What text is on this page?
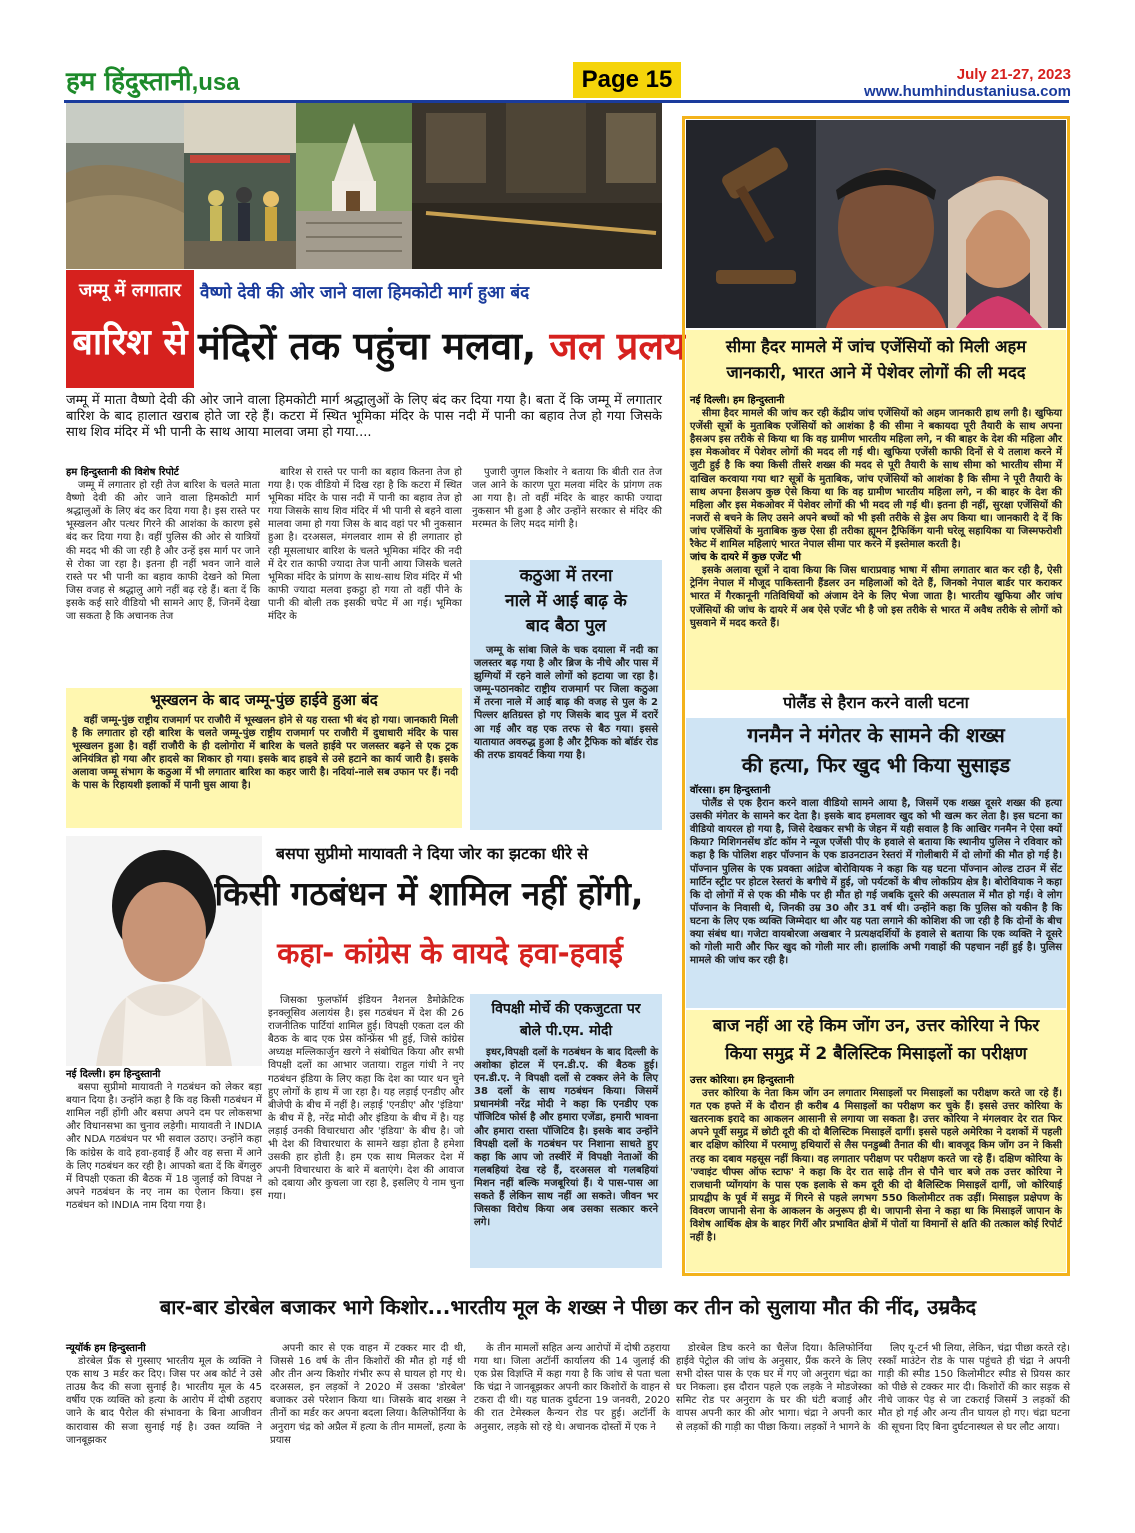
हम हिंदुस्तानी,usa	Page 15	July 21-27, 2023
www.humhindustaniusa.com
जम्मू में लगातार
बारिश से
वैष्णो देवी की ओर जाने वाला हिमकोटी मार्ग हुआ बंद
मंदिरों तक पहुंचा मलवा, जल प्रलय
जम्मू में माता वैष्णो देवी की ओर जाने वाला हिमकोटी मार्ग श्रद्धालुओं के लिए बंद कर दिया गया है। बता दें कि जम्मू में लगातार बारिश के बाद हालात खराब होते जा रहे हैं। कटरा में स्थित भूमिका मंदिर के पास नदी में पानी का बहाव तेज हो गया जिसके साथ शिव मंदिर में भी पानी के साथ आया मालवा जमा हो गया....

हम हिन्दुस्तानी की विशेष रिपोर्ट

जम्मू में लगातार हो रही तेज बारिश के चलते माता वैष्णो देवी की ओर जाने वाला हिमकोटी मार्ग श्रद्धालुओं के लिए बंद कर दिया गया है। इस रास्ते पर भूस्खलन और पत्थर गिरने की आशंका के कारण इसे बंद कर दिया गया है। वहीं पुलिस की ओर से यात्रियों की मदद भी की जा रही है और उन्हें इस मार्ग पर जाने से रोका जा रहा है। इतना ही नहीं भवन जाने वाले रास्ते पर भी पानी का बहाव काफी देखने को मिला जिस वजह से श्रद्धालु आगे नहीं बढ़ रहे हैं। बता दें कि इसके कई सारे वीडियो भी सामने आए हैं, जिनमें देखा जा सकता है कि अचानक तेज

बारिश से रास्ते पर पानी का बहाव कितना तेज हो गया है। एक वीडियो में दिख रहा है कि कटरा में स्थित भूमिका मंदिर के पास नदी में पानी का बहाव तेज हो गया जिसके साथ शिव मंदिर में भी पानी से बहने वाला मालवा जमा हो गया जिस के बाद वहां पर भी नुकसान हुआ है। दरअसल, मंगलवार शाम से ही लगातार हो रही मूसलाधार बारिश के चलते भूमिका मंदिर की नदी में देर रात काफी ज्यादा तेज पानी आया जिसके चलते भूमिका मंदिर के प्रांगण के साथ-साथ शिव मंदिर में भी काफी ज्यादा मलवा इकट्ठा हो गया तो वहीं पीने के पानी की बोली तक इसकी चपेट में आ गई। भूमिका मंदिर के

पुजारी जुगल किशोर ने बताया कि बीती रात तेज जल आने के कारण पूरा मलवा मंदिर के प्रांगण तक आ गया है। तो वहीं मंदिर के बाहर काफी ज्यादा नुकसान भी हुआ है और उन्होंने सरकार से मंदिर की मरम्मत के लिए मदद मांगी है।

भूस्खलन के बाद जम्मू-पुंछ हाईवे हुआ बंद

वहीं जम्मू-पुंछ राष्ट्रीय राजमार्ग पर राजौरी में भूस्खलन होने से यह रास्ता भी बंद हो गया। जानकारी मिली है कि लगातार हो रही बारिश के चलते जम्मू-पुंछ राष्ट्रीय राजमार्ग पर राजौरी में दुधाधारी मंदिर के पास भूस्खलन हुआ है। वहीं राजौरी के ही दलोगोरा में बारिश के चलते हाईवे पर जलस्तर बढ़ने से एक ट्रक अनियंत्रित हो गया और हादसे का शिकार हो गया। इसके बाद हाइवे से उसे हटाने का कार्य जारी है। इसके अलावा जम्मू संभाग के कठुआ में भी लगातार बारिश का कहर जारी है। नदियां-नाले सब उफान पर हैं। नदी के पास के रिहायशी इलाकों में पानी घुस आया है।

कठुआ में तरना
नाले में आई बाढ़ के
बाद बैठा पुल

जम्मू के सांबा जिले के चक दयाला में नदी का जलस्तर बढ़ गया है और ब्रिज के नीचे और पास में झुग्गियों में रहने वाले लोगों को हटाया जा रहा है। जम्मू-पठानकोट राष्ट्रीय राजमार्ग पर जिला कठुआ में तरना नाले में आई बाढ़ की वजह से पुल के 2 पिल्लर क्षतिग्रस्त हो गए जिसके बाद पुल में दरारें आ गई और वह एक तरफ से बैठ गया। इससे यातायात अवरुद्ध हुआ है और ट्रैफिक को बॉर्डर रोड की तरफ डायवर्ट किया गया है।

बसपा सुप्रीमो मायावती ने दिया जोर का झटका धीरे से
किसी गठबंधन में शामिल नहीं होंगी,
कहा- कांग्रेस के वायदे हवा-हवाई

नई दिल्ली। हम हिन्दुस्तानी

बसपा सुप्रीमो मायावती ने गठबंधन को लेकर बड़ा बयान दिया है। उन्होंने कहा है कि वह किसी गठबंधन में शामिल नहीं होंगी और बसपा अपने दम पर लोकसभा और विधानसभा का चुनाव लड़ेगी। मायावती ने INDIA और NDA गठबंधन पर भी सवाल उठाए। उन्होंने कहा कि कांग्रेस के वादे हवा-हवाई हैं और वह सत्ता में आने के लिए गठबंधन कर रही है। आपको बता दें कि बेंगलुरु में विपक्षी एकता की बैठक में 18 जुलाई को विपक्ष ने अपने गठबंधन के नए नाम का ऐलान किया। इस गठबंधन को INDIA नाम दिया गया है।

जिसका फुलफॉर्म इंडियन नैशनल डैमोक्रेटिक इनक्लूसिव अलायंस है। इस गठबंधन में देश की 26 राजनीतिक पार्टियां शामिल हुई। विपक्षी एकता दल की बैठक के बाद एक प्रेस कॉन्फ्रेंस भी हुई, जिसे कांग्रेस अध्यक्ष मल्लिकार्जुन खरगे ने संबोधित किया और सभी विपक्षी दलों का आभार जताया। राहुल गांधी ने नए गठबंधन इंडिया के लिए कहा कि देश का प्यार धन चुने हुए लोगों के हाथ में जा रहा है। यह लड़ाई एनडीए और बीजेपी के बीच में नहीं है। लड़ाई 'एनडीए' और 'इंडिया' के बीच में है, नरेंद्र मोदी और इंडिया के बीच में है। यह लड़ाई उनकी विचारधारा और 'इंडिया' के बीच है। जो भी देश की विचारधारा के सामने खड़ा होता है हमेशा उसकी हार होती है। हम एक साथ मिलकर देश में अपनी विचारधारा के बारे में बताएंगे। देश की आवाज को दबाया और कुचला जा रहा है, इसलिए ये नाम चुना गया।

विपक्षी मोर्चे की एकजुटता पर
बोले पी.एम. मोदी

इधर,विपक्षी दलों के गठबंधन के बाद दिल्ली के अशोका होटल में एन.डी.ए. की बैठक हुई। एन.डी.ए. ने विपक्षी दलों से टक्कर लेने के लिए 38 दलों के साथ गठबंधन किया। जिसमें प्रधानमंत्री नरेंद्र मोदी ने कहा कि एनडीए एक पॉजिटिव फोर्स है और हमारा एजेंडा, हमारी भावना और हमारा रास्ता पॉजिटिव है। इसके बाद उन्होंने विपक्षी दलों के गठबंधन पर निशाना साधते हुए कहा कि आप जो तस्वीरें में विपक्षी नेताओं की गलबहियां देख रहे हैं, दरअसल वो गलबहियां मिशन नहीं बल्कि मजबूरियां हैं। ये पास-पास आ सकते हैं लेकिन साथ नहीं आ सकते। जीवन भर जिसका विरोध किया अब उसका सत्कार करने लगे।

सीमा हैदर मामले में जांच एजेंसियों को मिली अहम
जानकारी, भारत आने में पेशेवर लोगों की ली मदद

नई दिल्ली। हम हिन्दुस्तानी

सीमा हैदर मामले की जांच कर रही केंद्रीय जांच एजेंसियों को अहम जानकारी हाथ लगी है। खुफिया एजेंसी सूत्रों के मुताबिक एजेंसियों को आशंका है की सीमा ने बकायदा पूरी तैयारी के साथ अपना हैसअप इस तरीके से किया था कि वह ग्रामीण भारतीय महिला लगे, न की बाहर के देश की महिला और इस मेकओवर में पेशेवर लोगों की मदद ली गई थी। खुफिया एजेंसी काफी दिनों से ये तलाश करने में जुटी हुई है कि क्या किसी तीसरे शख्स की मदद से पूरी तैयारी के साथ सीमा को भारतीय सीमा में दाखिल करवाया गया था? सूत्रों के मुताबिक, जांच एजेंसियों को आशंका है कि सीमा ने पूरी तैयारी के साथ अपना हैसअप कुछ ऐसे किया था कि वह ग्रामीण भारतीय महिला लगे, न की बाहर के देश की महिला और इस मेकओवर में पेशेवर लोगों की भी मदद ली गई थी। इतना ही नहीं, सुरक्षा एजेंसियों की नजरों से बचने के लिए उसने अपने बच्चों को भी इसी तरीके से ड्रेस अप किया था। जानकारी दे दें कि जांच एजेंसियों के मुताबिक कुछ ऐसा ही तरीका ह्यूमन ट्रैफिकिंग यानी घरेलू सहायिका या जिस्मफरोशी रैकेट में शामिल महिलाएं भारत नेपाल सीमा पार करने में इस्तेमाल करती है।

जांच के दायरे में कुछ एजेंट भी

इसके अलावा सूत्रों ने दावा किया कि जिस धाराप्रवाह भाषा में सीमा लगातार बात कर रही है, ऐसी ट्रेनिंग नेपाल में मौजूद पाकिस्तानी हैंडलर उन महिलाओं को देते हैं, जिनको नेपाल बार्डर पार कराकर भारत में गैरकानूनी गतिविधियों को अंजाम देने के लिए भेजा जाता है। भारतीय खुफिया और जांच एजेंसियों की जांच के दायरे में अब ऐसे एजेंट भी है जो इस तरीके से भारत में अवैध तरीके से लोगों को घुसवाने में मदद करते हैं।

पोलैंड से हैरान करने वाली घटना
गनमैन ने मंगेतर के सामने की शख्स
की हत्या, फिर खुद भी किया सुसाइड

वॉरसा। हम हिन्दुस्तानी

पोलैंड से एक हैरान करने वाला वीडियो सामने आया है, जिसमें एक शख्स दूसरे शख्स की हत्या उसकी मंगेतर के सामने कर देता है। इसके बाद हमलावर खुद को भी खत्म कर लेता है। इस घटना का वीडियो वायरल हो गया है, जिसे देखकर सभी के जेहन में यही सवाल है कि आखिर गनमैन ने ऐसा क्यों किया? मिशिगनसेंथ डॉट कॉम ने न्यूज एजेंसी पीए के हवाले से बताया कि स्थानीय पुलिस ने रविवार को कहा है कि पोलिश शहर पॉज्नान के एक डाउनटाउन रेस्तरां में गोलीबारी में दो लोगों की मौत हो गई है। पॉज्नान पुलिस के एक प्रवक्ता आंद्रेज बोरोविायक ने कहा कि यह घटना पॉज्नान ओल्ड टाउन में सेंट मार्टिन स्ट्रीट पर होटल रेस्तरां के बगीचे में हुई, जो पर्यटकों के बीच लोकप्रिय क्षेत्र है। बोरोवियाक ने कहा कि दो लोगों में से एक की मौके पर ही मौत हो गई जबकि दूसरे की अस्पताल में मौत हो गई। वे लोग पॉज्नान के निवासी थे, जिनकी उम्र 30 और 31 वर्ष थी। उन्होंने कहा कि पुलिस को यकीन है कि घटना के लिए एक व्यक्ति जिम्मेदार था और यह पता लगाने की कोशिश की जा रही है कि दोनों के बीच क्या संबंध था। गजेटा वायबोरजा अखबार ने प्रत्यक्षदर्शियों के हवाले से बताया कि एक व्यक्ति ने दूसरे को गोली मारी और फिर खुद को गोली मार ली। हालांकि अभी गवाहों की पहचान नहीं हुई है। पुलिस मामले की जांच कर रही है।

बाज नहीं आ रहे किम जोंग उन, उत्तर कोरिया ने फिर
किया समुद्र में 2 बैलिस्टिक मिसाइलों का परीक्षण

उत्तर कोरिया। हम हिन्दुस्तानी

उत्तर कोरिया के नेता किम जोंग उन लगातार मिसाइलों पर मिसाइलों का परीक्षण करते जा रहे हैं। गत एक हफ्ते में के दौरान ही करीब 4 मिसाइलों का परीक्षण कर चुके हैं। इससे उत्तर कोरिया के खतरनाक इरादे का आकलन आसानी से लगाया जा सकता है। उत्तर कोरिया ने मंगलवार देर रात फिर अपने पूर्वी समुद्र में छोटी दूरी की दो बैलिस्टिक मिसाइलें दागीं। इससे पहले अमेरिका ने दशकों में पहली बार दक्षिण कोरिया में परमाणु हथियारों से लैस पनडुब्बी तैनात की थी। बावजूद किम जोंग उन ने किसी तरह का दबाव महसूस नहीं किया। वह लगातार परीक्षण पर परीक्षण करते जा रहे हैं। दक्षिण कोरिया के 'ज्वाइंट चीफ्स ऑफ स्टाफ' ने कहा कि देर रात साढ़े तीन से पौने चार बजे तक उत्तर कोरिया ने राजधानी प्योंगयांग के पास एक इलाके से कम दूरी की दो बैलिस्टिक मिसाइलें दागीं, जो कोरियाई प्रायद्वीप के पूर्व में समुद्र में गिरने से पहले लगभग 550 किलोमीटर तक उड़ीं। मिसाइल प्रक्षेपण के विवरण जापानी सेना के आकलन के अनुरूप ही थे। जापानी सेना ने कहा था कि मिसाइलें जापान के विशेष आर्थिक क्षेत्र के बाहर गिरीं और प्रभावित क्षेत्रों में पोतों या विमानों से क्षति की तत्काल कोई रिपोर्ट नहीं है।

बार-बार डोरबेल बजाकर भागे किशोर...भारतीय मूल के शख्स ने पीछा कर तीन को सुलाया मौत की नींद, उम्रकैद

न्यूयॉर्क हम हिन्दुस्तानी

डोरबेल प्रैंक से गुस्साए भारतीय मूल के व्यक्ति ने एक साथ 3 मर्डर कर दिए। जिस पर अब कोर्ट ने उसे ताउम्र कैद की सजा सुनाई है। भारतीय मूल के 45 वर्षीय एक व्यक्ति को हत्या के आरोप में दोषी ठहराए जाने के बाद पैरोल की संभावना के बिना आजीवन कारावास की सजा सुनाई गई है। उक्त व्यक्ति ने जानबूझकर

अपनी कार से एक वाहन में टक्कर मार दी थी, जिससे 16 वर्ष के तीन किशोरों की मौत हो गई थी और तीन अन्य किशोर गंभीर रूप से घायल हो गए थे। दरअसल, इन लड़कों ने 2020 में उसका 'डोरबेल' बजाकर उसे परेशान किया था। जिसके बाद शख्स ने तीनों का मर्डर कर अपना बदला लिया। कैलिफोर्निया के अनुराग चंद्र को अप्रैल में हत्या के तीन मामलों, हत्या के प्रयास

के तीन मामलों सहित अन्य आरोपों में दोषी ठहराया गया था। जिला अटॉर्नी कार्यालय की 14 जुलाई की एक प्रेस विज्ञप्ति में कहा गया है कि जांच से पता चला कि चंद्रा ने जानबूझकर अपनी कार किशोरों के वाहन से टकरा दी थी। यह घातक दुर्घटना 19 जनवरी, 2020 की रात टेमेस्कल कैन्यन रोड पर हुई। अटॉर्नी के अनुसार, लड़के सो रहे थे। अचानक दोस्तों में एक ने

डोरबेल डिच करने का चैलेंज दिया। कैलिफोर्निया हाईवे पेट्रोल की जांच के अनुसार, प्रैंक करने के लिए सभी दोस्त पास के एक घर में गए जो अनुराग चंद्रा का घर निकला। इस दौरान पहले एक लड़के ने मोडजेस्का समिट रोड पर अनुराग के घर की घंटी बजाई और वापस अपनी कार की ओर भागा। चंद्रा ने अपनी कार से लड़कों की गाड़ी का पीछा किया। लड़कों ने भागने के

लिए यू-टर्न भी लिया, लेकिन, चंद्रा पीछा करते रहे। रस्कॉं माउंटेन रोड के पास पहुंचते ही चंद्रा ने अपनी गाड़ी की स्पीड 150 किलोमीटर स्पीड से प्रियस कार को पीछे से टक्कर मार दी। किशोरों की कार सड़क से नीचे जाकर पेड़ से जा टकराई जिसमें 3 लड़कों की मौत हो गई और अन्य तीन घायल हो गए। चंद्रा घटना की सूचना दिए बिना दुर्घटनास्थल से घर लौट आया।
